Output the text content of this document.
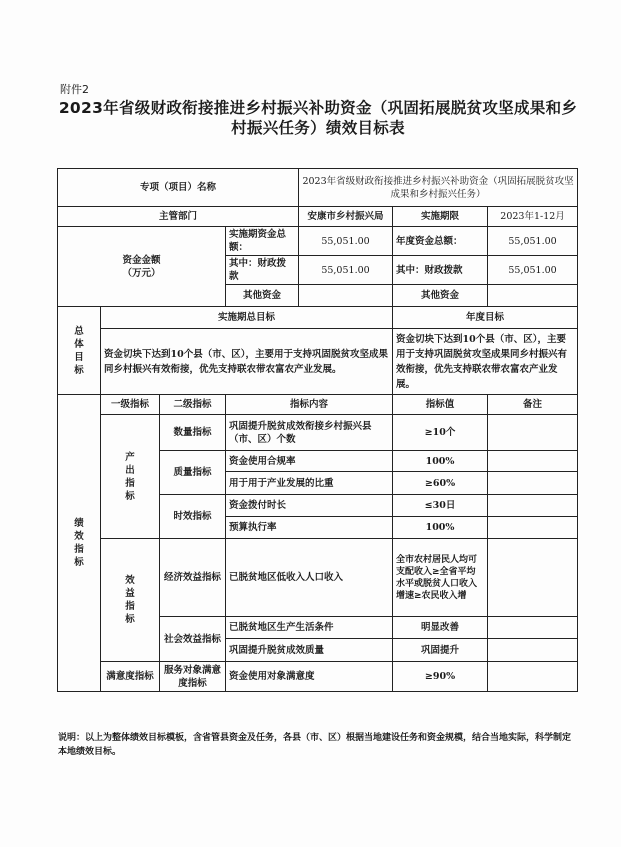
附件2
2023年省级财政衔接推进乡村振兴补助资金（巩固拓展脱贫攻坚成果和乡
村振兴任务）绩效目标表
专项（项目）名称				2023年省级财政衔接推进乡村振兴补助资金（巩固拓展脱贫攻坚成果和乡村振兴任务）		
主管部门				安康市乡村振兴局	实施期限	2023年1-12月

资金金额
（万元）			实施期资金总额：	55,051.00	年度资金总额：	55,051.00
			其中：财政拨款	55,051.00	其中：财政拨款	55,051.00
			其他资金		其他资金	
总体目标	实施期总目标				年度目标	
	资金切块下达到10个县（市、区），主要用于支持巩固脱贫攻坚成果同乡村振兴有效衔接，优先支持联农带农富农产业发展。				资金切块下达到10个县（市、区），主要用于支持巩固脱贫攻坚成果同乡村振兴有效衔接，优先支持联农带农富农产业发展。	
绩效指标	一级指标	二级指标	指标内容		指标值	备注
	产出指标	数量指标	巩固提升脱贫成效衔接乡村振兴县（市、区）个数		≥10个	
		质量指标	资金使用合规率		100%	
			用于用于产业发展的比重		≥60%	
		时效指标	资金拨付时长		≤30日	
			预算执行率		100%	
	效益指标	经济效益指标	已脱贫地区低收入人口收入		全市农村居民人均可支配收入≥全省平均水平或脱贫人口收入增速≥农民收入增	
		社会效益指标	已脱贫地区生产生活条件		明显改善	
			巩固提升脱贫成效质量		巩固提升	
	满意度指标	服务对象满意度指标	资金使用对象满意度		≥90%	
说明：以上为整体绩效目标模板，含省管县资金及任务，各县（市、区）根据当地建设任务和资金规模，结合当地实际，科学制定本地绩效目标。
